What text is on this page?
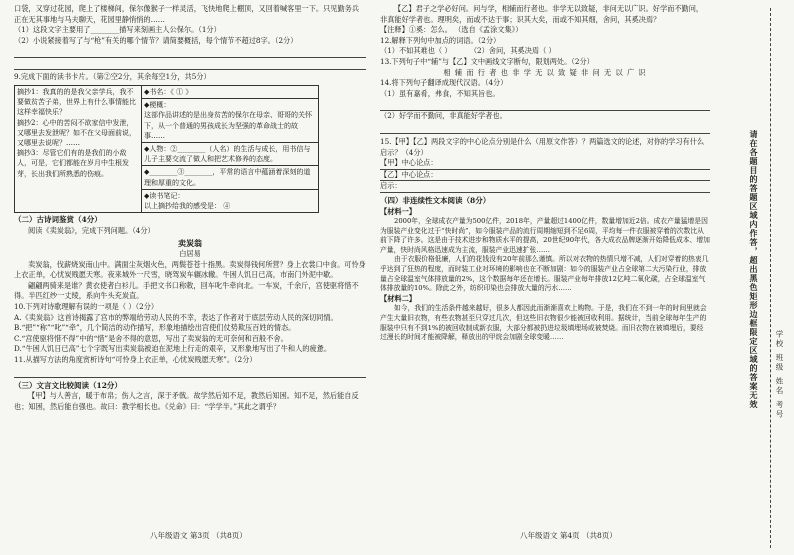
口袋，又穿过花园，爬上了楼梯间，保尔像猴子一样灵活，飞快地爬上棚顶，又回着喊客里一下。只见勤务兵正在无其事地与马夫聊天，花园里静悄悄的……

（1）这段文字主要用了________描写来刻画主人公保尔。（1分）

（2）小说紧接着写了与“枪”有关的哪个情节？请简要概括，每个情节不超过8字。（2分）

9.完成下面的读书卡片。（第②空2分，其余每空1分，共5分）

摘抄1：我真的的是我父亲学兵，我不要做贫苦子弟，世界上有什么事情能比这样幸福快乐？

摘抄2：心中的苦闷不欲家信中发泄，又哪里去发泄呢？如不在父母面前说，又哪里去说呢？……

摘抄3：尽管它们有的是我们的小敌人，可是，它们都能在岁月中生根发芽，长出我们所熟悉的伤痕。

	◆书名：《 ① 》
◆梗概：
这部作品讲述的是出身贫苦的保尔在母亲、哥哥的关怀下，从一个普通的男孩成长为坚强的革命战士的故事……
◆人物：②________（人名）的生活与成长，用书信与儿子主要交流了做人和把艺术修养的态度。
◆________③________，平常的语言中蕴涵着深刻的道理和厚重的文化。
◆读书笔记：
以上摘抄给我的感受是： ④

（二）古诗词鉴赏（4分）

阅读《卖炭翁》，完成下列问题。（4分）

卖炭翁

白居易

卖炭翁，伐薪烧炭南山中。满面尘灰烟火色，两鬓苍苍十指黑。卖炭得钱何所营？身上衣裳口中食。可怜身上衣正单，心忧炭贱愿天寒。夜来城外一尺雪，晓驾炭车辗冰辙。牛困人饥日已高，市南门外泥中歇。

翩翩两骑来是谁？黄衣使者白衫儿。手把文书口称敕，回车叱牛牵向北。一车炭，千余斤，宫使驱将惜不得。半匹红纱一丈绫，系向牛头充炭直。

10.下列对诗歌理解有误的一项是（ ）（2分）

A.《卖炭翁》这首诗揭露了宫市的弊端给劳动人民的不幸，表达了作者对于底层劳动人民的深切同情。

B.“把”“称”“叱”“牵”，几个简洁的动作描写，形象地描绘出宫使们仗势欺压百姓的情态。

C.“宫使驱将惜不得”中的“惜”是舍不得的意思，写出了卖炭翁的无可奈何和百般不舍。

D.“牛困人饥日已高”七个字既写出卖炭翁被迫在泥地上行走的艰辛，又形象地写出了牛和人的疲惫。

11.从描写方法的角度赏析诗句“可怜身上衣正单，心忧炭贱愿天寒”。（2分）

（三）文言文比较阅读（12分）

【甲】与人善言，暖于布帛；伤人之言，深于矛戟。故学然后知不足，教然后知困。知不足，然后能自反也；知困，然后能自强也。故曰：教学相长也。《兑命》曰：“学学半。”其此之谓乎？

八年级语文 第3页 （共8页）

【乙】君子之学必好问。问与学，相辅而行者也。非学无以致疑，非问无以广识。好学而不勤问，非真能好学者也。理明矣，而或不达于事；识其大矣，而或不知其细，舍问，其奚决焉？

【注释】①奚：怎么。 （选自《孟涂文集》）

12.解释下列句中加点的词语。（2分）

（1）不如其难也（ ）	（2）舍问，其奚决焉（ ）

13.下列句子中“辅”与【乙】文中画线文字断句，限划两处。（2分）

相 辅 而 行 者 也 非 学 无 以 致 疑 非 问 无 以 广 识

14.将下列句子翻译成现代汉语。（4分）

（1）虽有嘉肴，弗食，不知其旨也。

（2）好学而不勤问，非真能好学者也。

15.【甲】【乙】两段文字的中心论点分别是什么（用原文作答）？两篇选文的论述，对你的学习有什么启示？（4分）

【甲】中心论点：

【乙】中心论点：

启示：

（四）非连续性文本阅读（8分）

【材料一】

2000年，全球成衣产量为500亿件，2018年，产量超过1400亿件，数量增加近2倍。成衣产量猛增是因为服装产业变化过于“快时尚”，如今服装产品的流行周期缩短到不足6周，平均每一件衣服被穿着的次数比从前下降了许多。这是由于技术进步和物质水平的提高，20世纪90年代，各大成衣品牌逐渐开始降低成本、增加产量，快时尚风格迅速成为主流，服装产业迅速扩张……

由于衣服价格低廉，人们的花钱没有20年前那么谨慎。所以对衣物的热情只增不减，人们对穿着的热衷几乎达到了狂热的程度，而时装工业对环境的影响也在不断加剧：如今的服装产业占全球第二大污染行业，排放量占全球温室气体排放量的2%，这个数据每年还在增长。服装产业每年排放12亿吨二氧化碳，占全球温室气体排放量的10%。除此之外，纺织印染也会排放大量的污水……

【材料二】

如今，我们的生活条件越来越好，很多人都因此而渐渐喜欢上购物。于是，我们在不到一年的时间里就会产生大量旧衣物，有些衣物甚至只穿过几次，但这些旧衣物很少能被回收利用。据统计，当前全球每年生产的服装中只有不到1%的被回收制成新衣服，大部分都被扔进垃圾填埋场或被焚烧。而旧衣物在被填埋后，要经过漫长的时间才能被降解，释放出的甲烷会加剧全球变暖……

八年级语文 第4页 （共8页）
请在各题目的答题区域内作答，超出黑色矩形边框限定区域的答案无效 学校 班级 姓名 考号
